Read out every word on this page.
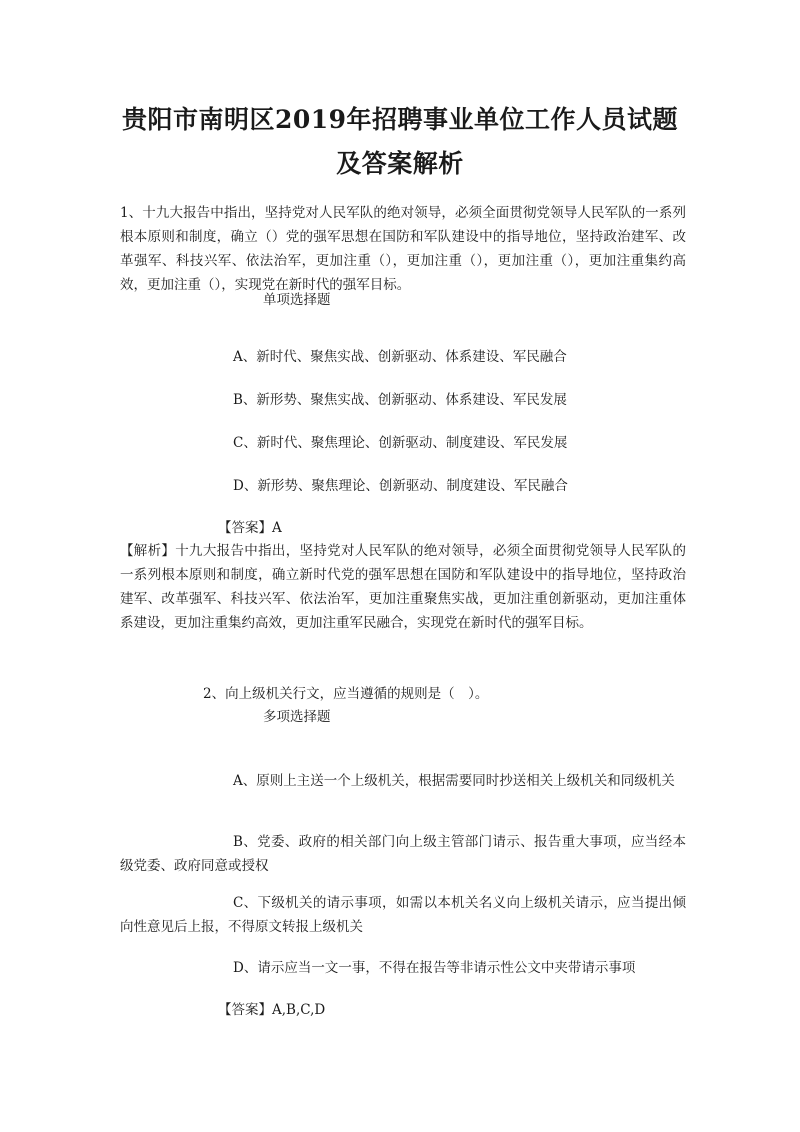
贵阳市南明区2019年招聘事业单位工作人员试题及答案解析
1、十九大报告中指出，坚持党对人民军队的绝对领导，必须全面贯彻党领导人民军队的一系列根本原则和制度，确立（）党的强军思想在国防和军队建设中的指导地位，坚持政治建军、改革强军、科技兴军、依法治军，更加注重（），更加注重（），更加注重（），更加注重集约高效，更加注重（），实现党在新时代的强军目标。
单项选择题
A、新时代、聚焦实战、创新驱动、体系建设、军民融合
B、新形势、聚焦实战、创新驱动、体系建设、军民发展
C、新时代、聚焦理论、创新驱动、制度建设、军民发展
D、新形势、聚焦理论、创新驱动、制度建设、军民融合
【答案】A
【解析】十九大报告中指出，坚持党对人民军队的绝对领导，必须全面贯彻党领导人民军队的一系列根本原则和制度，确立新时代党的强军思想在国防和军队建设中的指导地位，坚持政治建军、改革强军、科技兴军、依法治军，更加注重聚焦实战，更加注重创新驱动，更加注重体系建设，更加注重集约高效，更加注重军民融合，实现党在新时代的强军目标。
2、向上级机关行文，应当遵循的规则是（　）。
多项选择题
A、原则上主送一个上级机关，根据需要同时抄送相关上级机关和同级机关
B、党委、政府的相关部门向上级主管部门请示、报告重大事项，应当经本级党委、政府同意或授权
C、下级机关的请示事项，如需以本机关名义向上级机关请示，应当提出倾向性意见后上报，不得原文转报上级机关
D、请示应当一文一事，不得在报告等非请示性公文中夹带请示事项
【答案】A,B,C,D
